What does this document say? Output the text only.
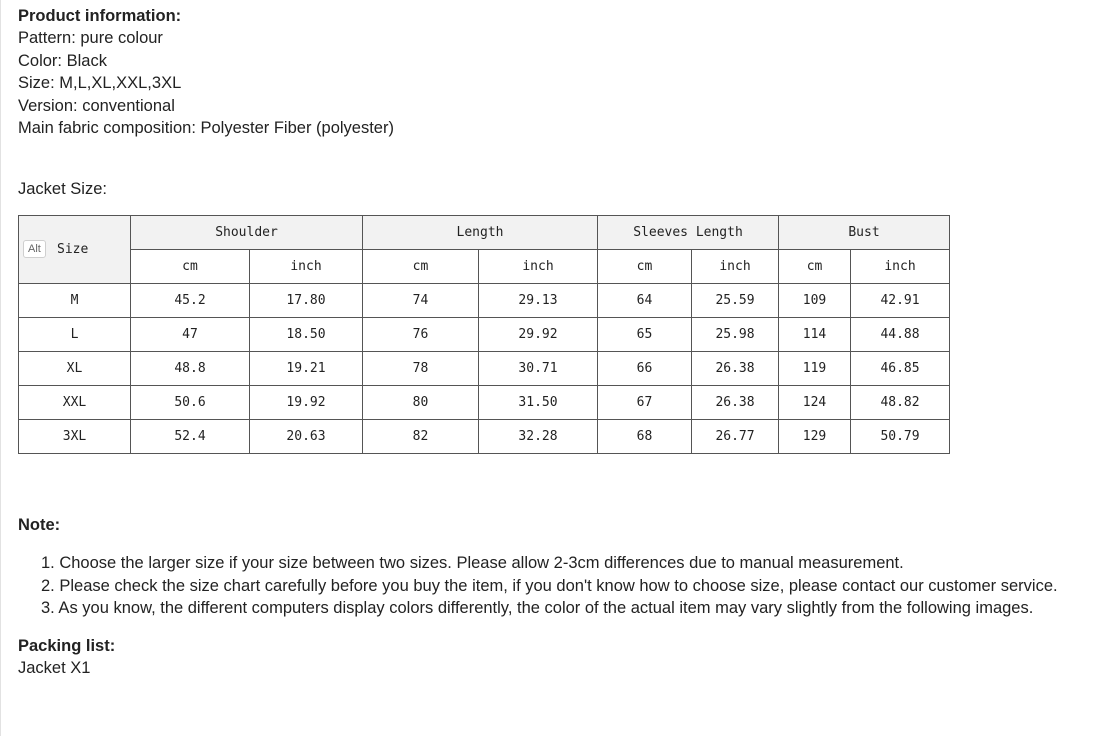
Product information:
Pattern: pure colour
Color: Black
Size: M,L,XL,XXL,3XL
Version: conventional
Main fabric composition: Polyester Fiber (polyester)
Jacket Size:
Size
Alt	Shoulder		Length		Sleeves Length		Bust	
	cm	inch	cm	inch	cm	inch	cm	inch
M	45.2	17.80	74	29.13	64	25.59	109	42.91
L	47	18.50	76	29.92	65	25.98	114	44.88
XL	48.8	19.21	78	30.71	66	26.38	119	46.85
XXL	50.6	19.92	80	31.50	67	26.38	124	48.82
3XL	52.4	20.63	82	32.28	68	26.77	129	50.79
Note:
1. Choose the larger size if your size between two sizes. Please allow 2-3cm differences due to manual measurement.
2. Please check the size chart carefully before you buy the item, if you don't know how to choose size, please contact our customer service.
3. As you know, the different computers display colors differently, the color of the actual item may vary slightly from the following images.
Packing list:
Jacket X1
